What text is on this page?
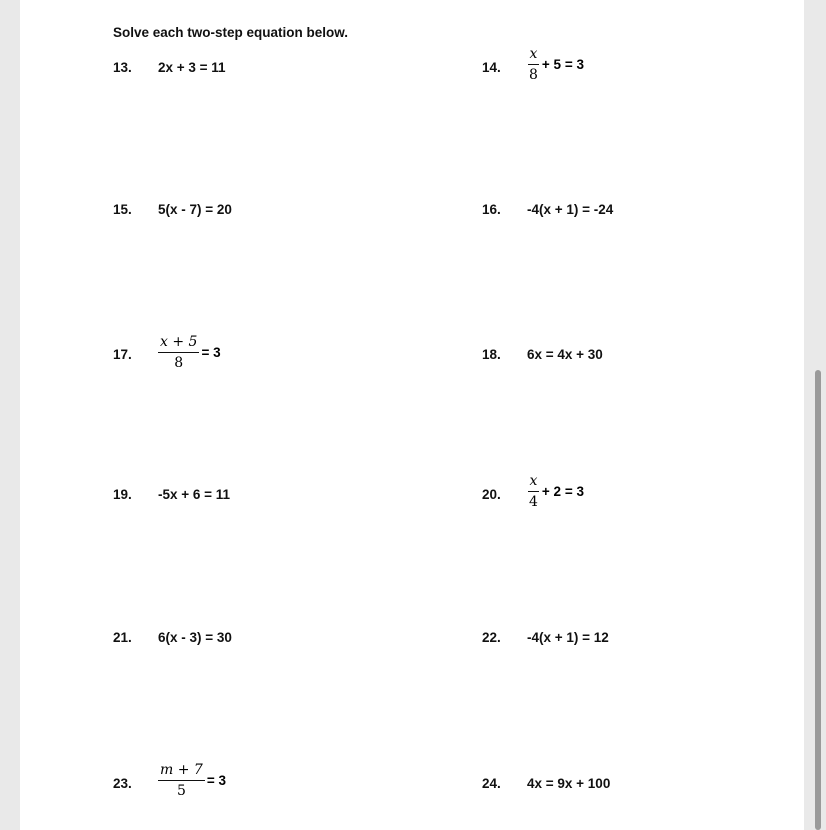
Solve each two-step equation below.
13. 2x + 3 = 11	14. $\frac{x}{8} + 5 = 3$
15. 5(x - 7) = 20	16. -4(x + 1) = -24
17. $\frac{x + 5}{8} = 3$	18. 6x = 4x + 30
19. -5x + 6 = 11	20. $\frac{x}{4} + 2 = 3$
21. 6(x - 3) = 30	22. -4(x + 1) = 12
23. $\frac{m + 7}{5} = 3$	24. 4x = 9x + 100
